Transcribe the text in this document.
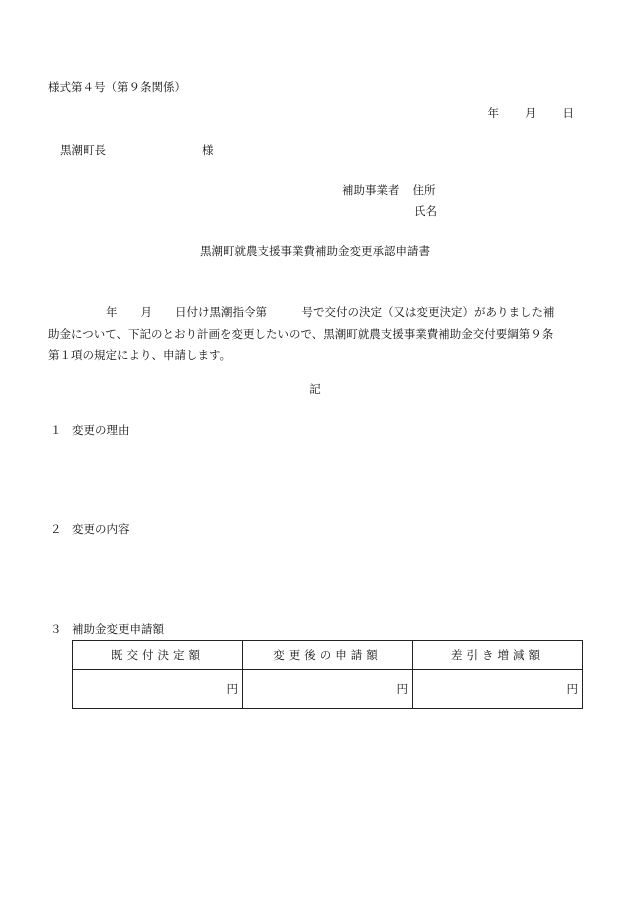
様式第４号（第９条関係）
年 月 日
黒潮町長	様
補助事業者 住所
氏名
黒潮町就農支援事業費補助金変更承認申請書
年　　月　　日付け黒潮指令第　　　号で交付の決定（又は変更決定）がありました補
助金について、下記のとおり計画を変更したいので、黒潮町就農支援事業費補助金交付要綱第９条
第１項の規定により、申請します。
記
１ 変更の理由
２ 変更の内容
３ 補助金変更申請額
既交付決定額	変更後の申請額	差引き増減額
円	円	円
